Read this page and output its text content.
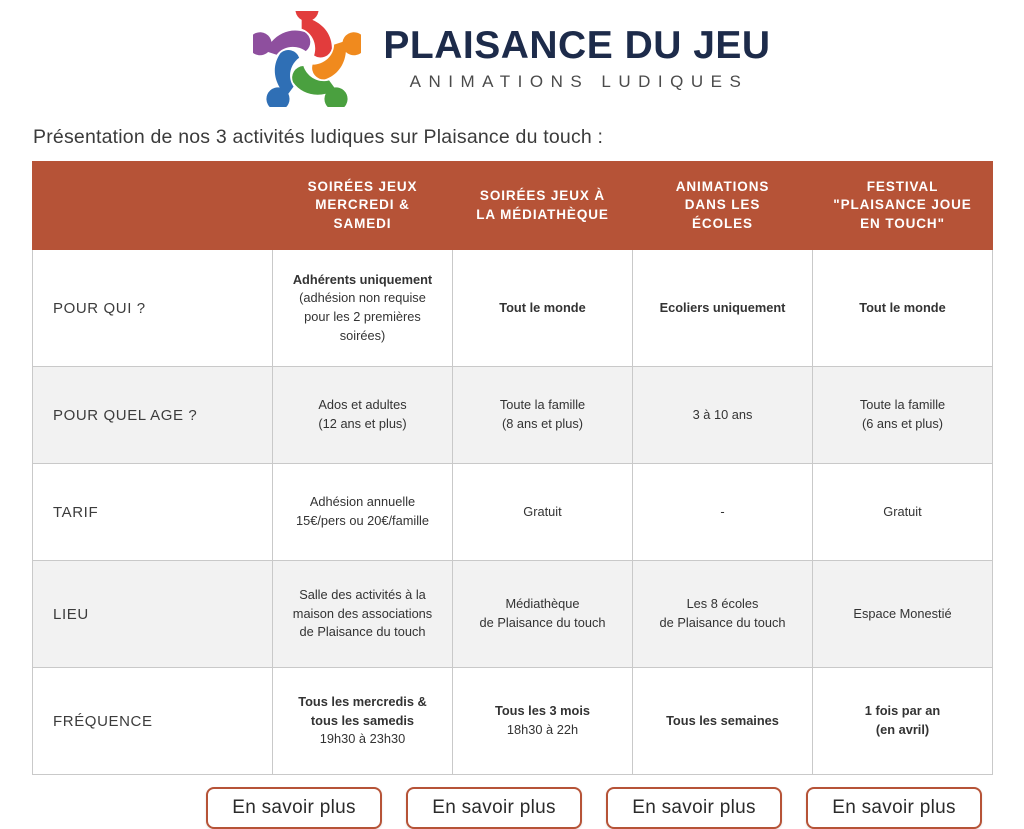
PLAISANCE DU JEU
ANIMATIONS LUDIQUES
Présentation de nos 3 activités ludiques sur Plaisance du touch :

	SOIRÉES JEUX
MERCREDI &
SAMEDI	SOIRÉES JEUX À
LA MÉDIATHÈQUE	ANIMATIONS
DANS LES
ÉCOLES	FESTIVAL
"PLAISANCE JOUE
EN TOUCH"

POUR QUI ?	Adhérents uniquement
(adhésion non requise
pour les 2 premières
soirées)	Tout le monde	Ecoliers uniquement	Tout le monde

POUR QUEL AGE ?	Ados et adultes
(12 ans et plus)	Toute la famille
(8 ans et plus)	3 à 10 ans	Toute la famille
(6 ans et plus)

TARIF	Adhésion annuelle
15€/pers ou 20€/famille	Gratuit	-	Gratuit

LIEU	Salle des activités à la
maison des associations
de Plaisance du touch	Médiathèque
de Plaisance du touch	Les 8 écoles
de Plaisance du touch	Espace Monestié

FRÉQUENCE	Tous les mercredis &
tous les samedis
19h30 à 23h30	Tous les 3 mois
18h30 à 22h	Tous les semaines	1 fois par an
(en avril)
En savoir plus	En savoir plus	En savoir plus	En savoir plus
